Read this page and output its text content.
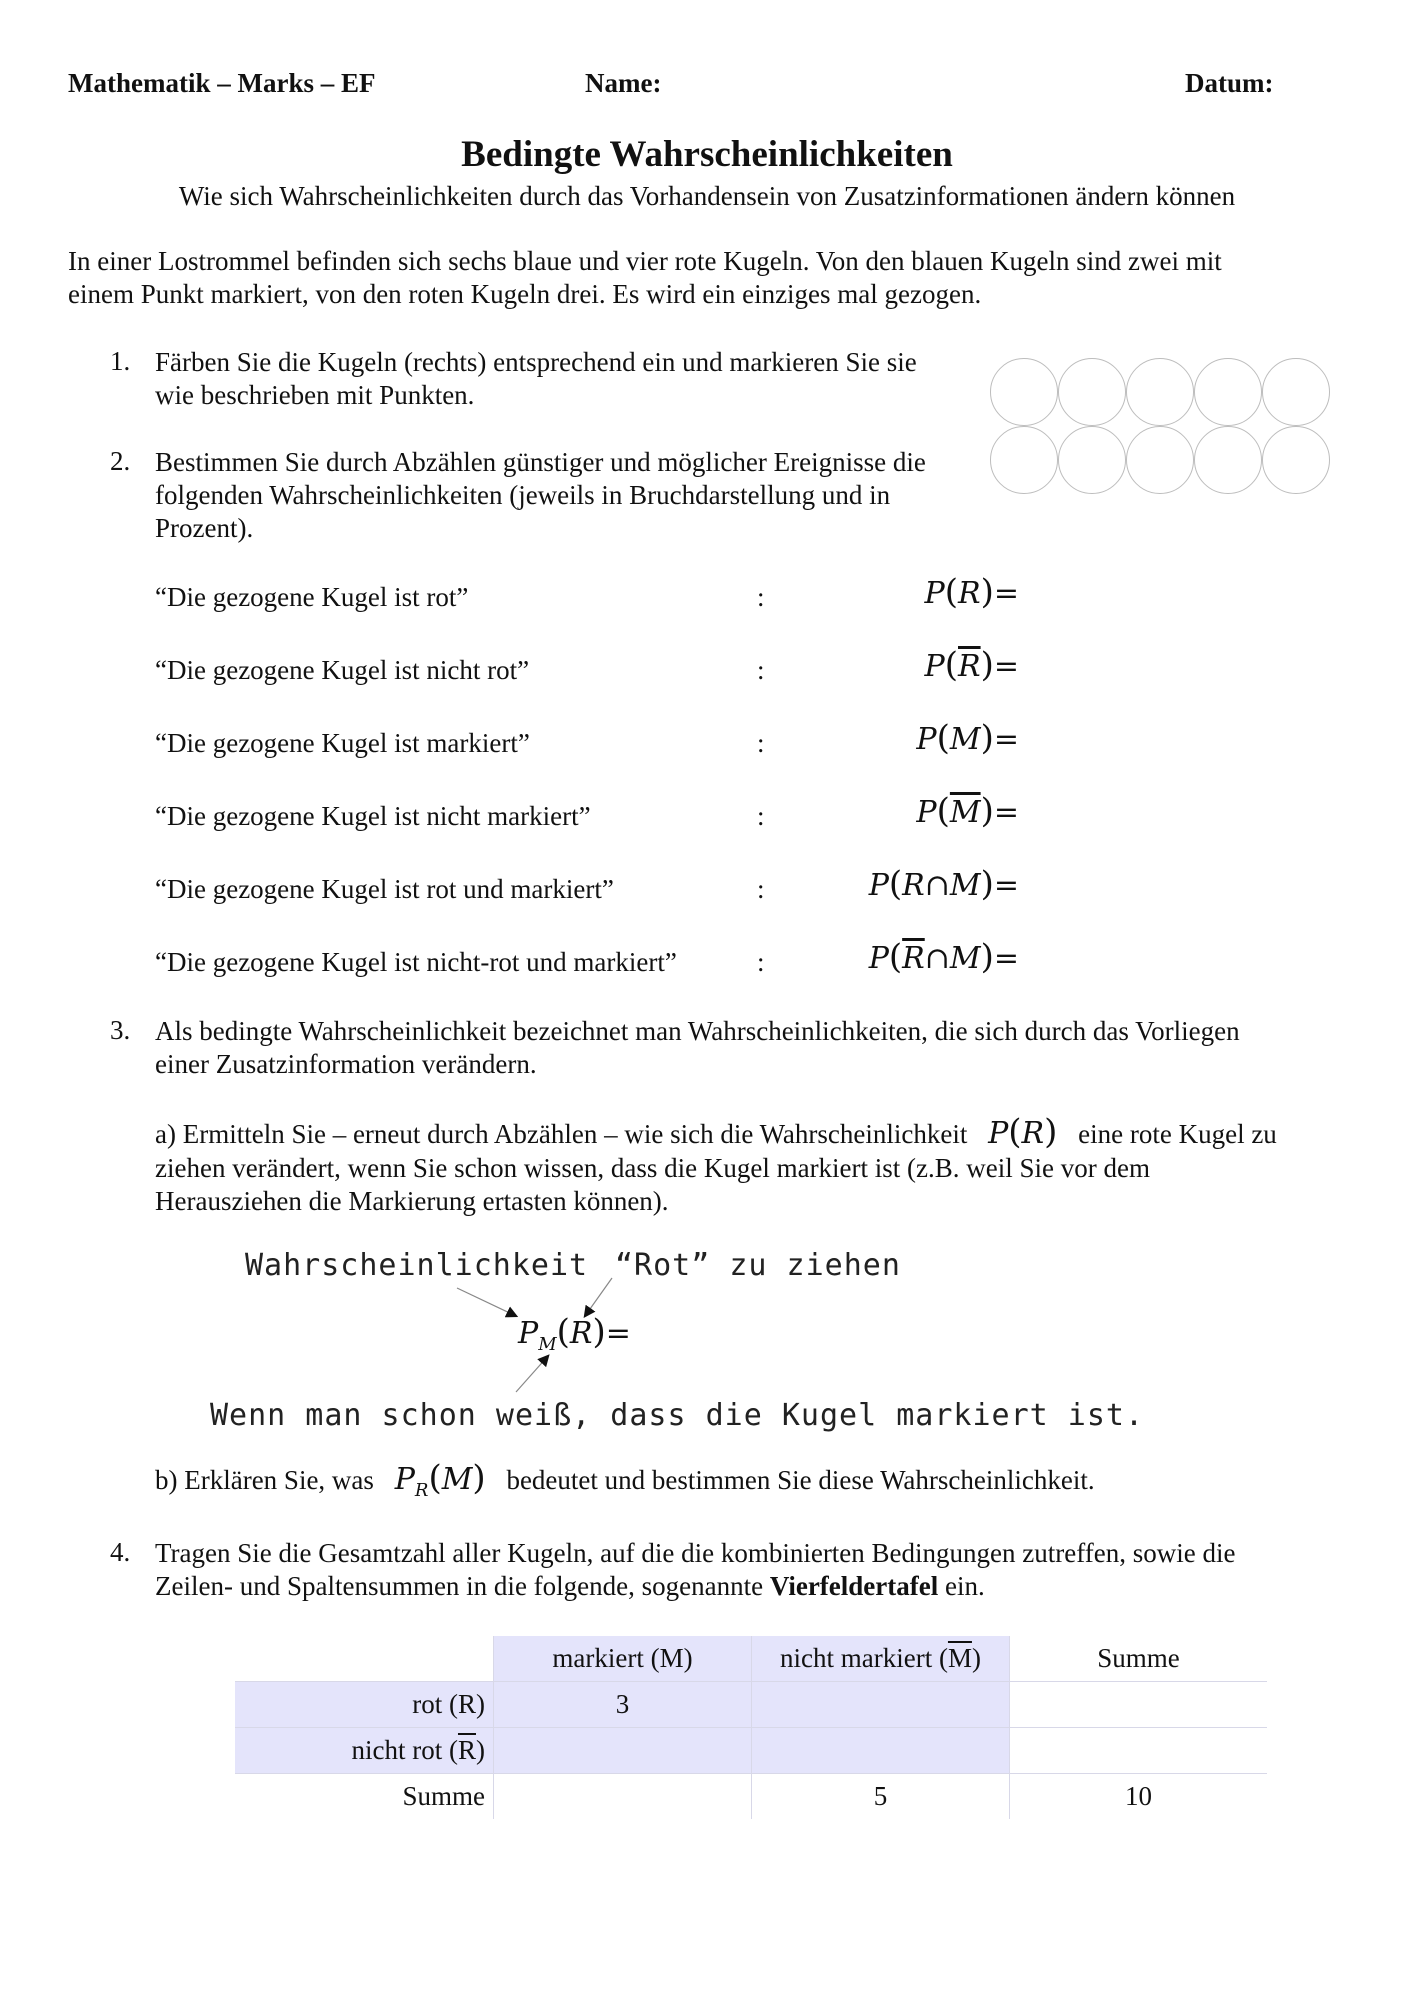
Mathematik – Marks – EF	Name:	Datum:
Bedingte Wahrscheinlichkeiten
Wie sich Wahrscheinlichkeiten durch das Vorhandensein von Zusatzinformationen ändern können
In einer Lostrommel befinden sich sechs blaue und vier rote Kugeln. Von den blauen Kugeln sind zwei mit
einem Punkt markiert, von den roten Kugeln drei. Es wird ein einziges mal gezogen.
1. Färben Sie die Kugeln (rechts) entsprechend ein und markieren Sie sie
wie beschrieben mit Punkten.
2. Bestimmen Sie durch Abzählen günstiger und möglicher Ereignisse die
folgenden Wahrscheinlichkeiten (jeweils in Bruchdarstellung und in
Prozent).
“Die gezogene Kugel ist rot”	:	P(R)=
“Die gezogene Kugel ist nicht rot”	:	$P(\overline{R})=$
“Die gezogene Kugel ist markiert”	:	P(M)=
“Die gezogene Kugel ist nicht markiert”	:	$P(\overline{M})=$
“Die gezogene Kugel ist rot und markiert”	:	P(R∩M)=
“Die gezogene Kugel ist nicht-rot und markiert”	:	$P(\overline{R}\cap M)=$
3. Als bedingte Wahrscheinlichkeit bezeichnet man Wahrscheinlichkeiten, die sich durch das Vorliegen
einer Zusatzinformation verändern.
a) Ermitteln Sie – erneut durch Abzählen – wie sich die Wahrscheinlichkeit P(R) eine rote Kugel zu
ziehen verändert, wenn Sie schon wissen, dass die Kugel markiert ist (z.B. weil Sie vor dem
Herausziehen die Markierung ertasten können).
Wahrscheinlichkeit “Rot” zu ziehen
$P_M(R)=$
Wenn man schon weiß, dass die Kugel markiert ist.
b) Erklären Sie, was $P_R(M)$ bedeutet und bestimmen Sie diese Wahrscheinlichkeit.
4. Tragen Sie die Gesamtzahl aller Kugeln, auf die die kombinierten Bedingungen zutreffen, sowie die
Zeilen- und Spaltensummen in die folgende, sogenannte Vierfeldertafel ein.
	markiert (M)	nicht markiert $(\overline{M})$	Summe
rot (R)	3		
nicht rot $(\overline{R})$			
Summe		5	10
